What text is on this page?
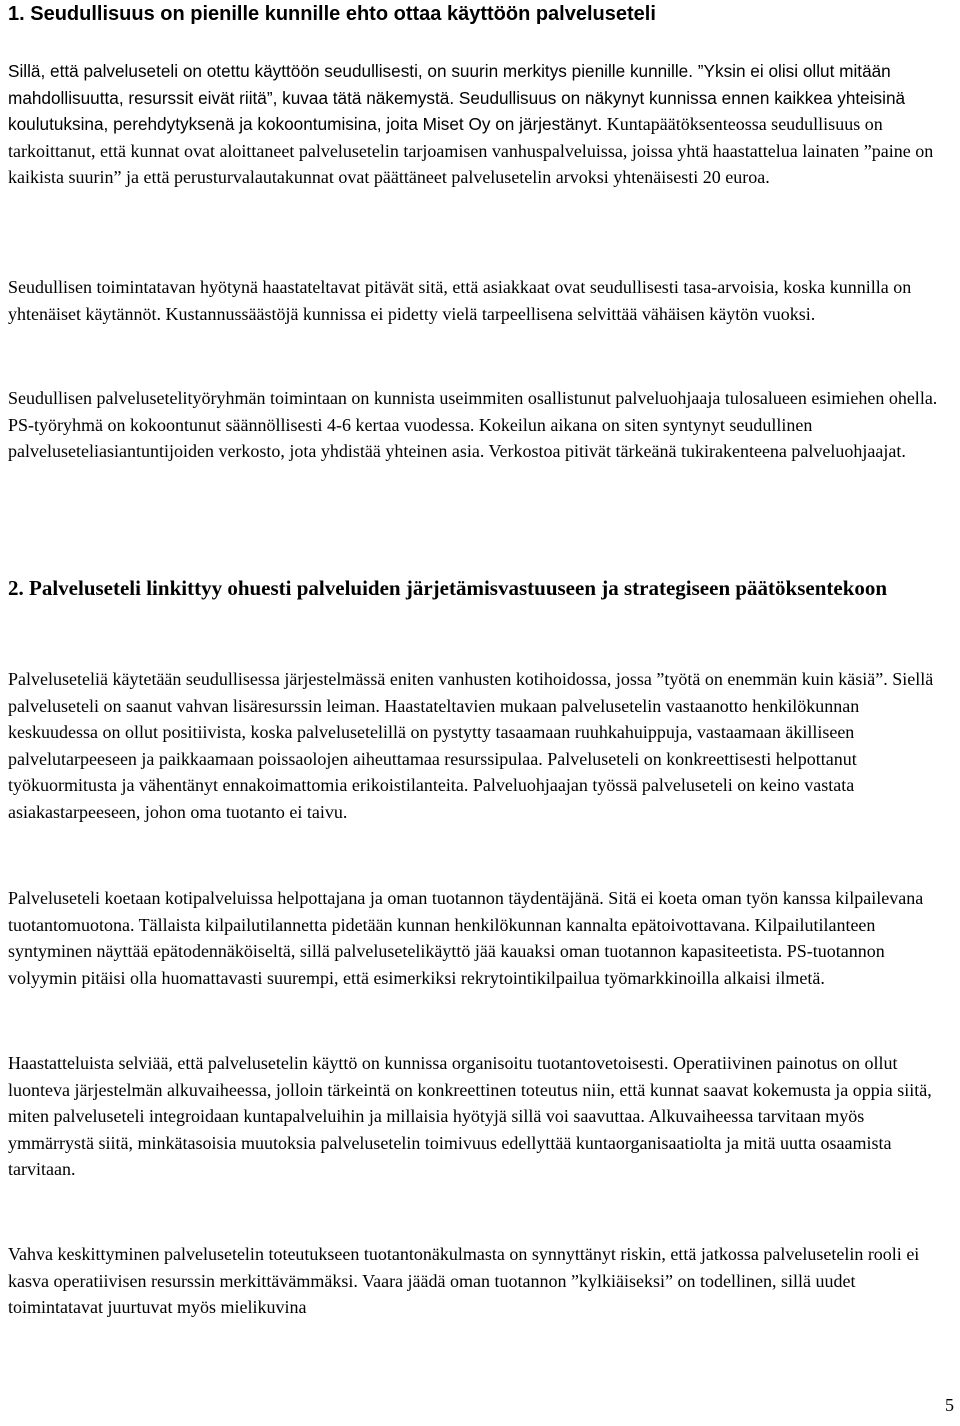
1. Seudullisuus on pienille kunnille ehto ottaa käyttöön palveluseteli

Sillä, että palveluseteli on otettu käyttöön seudullisesti, on suurin merkitys pienille kunnille. ”Yksin ei olisi ollut mitään mahdollisuutta, resurssit eivät riitä”, kuvaa tätä näkemystä. Seudullisuus on näkynyt kunnissa ennen kaikkea yhteisinä koulutuksina, perehdytyksenä ja kokoontumisina, joita Miset Oy on järjestänyt. Kuntapäätöksenteossa seudullisuus on tarkoittanut, että kunnat ovat aloittaneet palvelusetelin tarjoamisen vanhuspalveluissa, joissa yhtä haastattelua lainaten ”paine on kaikista suurin” ja että perusturvalautakunnat ovat päättäneet palvelusetelin arvoksi yhtenäisesti 20 euroa.

Seudullisen toimintatavan hyötynä haastateltavat pitävät sitä, että asiakkaat ovat seudullisesti tasa-arvoisia, koska kunnilla on yhtenäiset käytännöt. Kustannussäästöjä kunnissa ei pidetty vielä tarpeellisena selvittää vähäisen käytön vuoksi.

Seudullisen palvelusetelityöryhmän toimintaan on kunnista useimmiten osallistunut palveluohjaaja tulosalueen esimiehen ohella. PS-työryhmä on kokoontunut säännöllisesti 4-6 kertaa vuodessa. Kokeilun aikana on siten syntynyt seudullinen palveluseteliasiantuntijoiden verkosto, jota yhdistää yhteinen asia. Verkostoa pitivät tärkeänä tukirakenteena palveluohjaajat.

2. Palveluseteli linkittyy ohuesti palveluiden järjetämisvastuuseen ja strategiseen päätöksentekoon

Palveluseteliä käytetään seudullisessa järjestelmässä eniten vanhusten kotihoidossa, jossa ”työtä on enemmän kuin käsiä”. Siellä palveluseteli on saanut vahvan lisäresurssin leiman. Haastateltavien mukaan palvelusetelin vastaanotto henkilökunnan keskuudessa on ollut positiivista, koska palvelusetelillä on pystytty tasaamaan ruuhkahuippuja, vastaamaan äkilliseen palvelutarpeeseen ja paikkaamaan poissaolojen aiheuttamaa resurssipulaa. Palveluseteli on konkreettisesti helpottanut työkuormitusta ja vähentänyt ennakoimattomia erikoistilanteita. Palveluohjaajan työssä palveluseteli on keino vastata asiakastarpeeseen, johon oma tuotanto ei taivu.

Palveluseteli koetaan kotipalveluissa helpottajana ja oman tuotannon täydentäjänä. Sitä ei koeta oman työn kanssa kilpailevana tuotantomuotona. Tällaista kilpailutilannetta pidetään kunnan henkilökunnan kannalta epätoivottavana. Kilpailutilanteen syntyminen näyttää epätodennäköiseltä, sillä palvelusetelikäyttö jää kauaksi oman tuotannon kapasiteetista. PS-tuotannon volyymin pitäisi olla huomattavasti suurempi, että esimerkiksi rekrytointikilpailua työmarkkinoilla alkaisi ilmetä.

Haastatteluista selviää, että palvelusetelin käyttö on kunnissa organisoitu tuotantovetoisesti. Operatiivinen painotus on ollut luonteva järjestelmän alkuvaiheessa, jolloin tärkeintä on konkreettinen toteutus niin, että kunnat saavat kokemusta ja oppia siitä, miten palveluseteli integroidaan kuntapalveluihin ja millaisia hyötyjä sillä voi saavuttaa. Alkuvaiheessa tarvitaan myös ymmärrystä siitä, minkätasoisia muutoksia palvelusetelin toimivuus edellyttää kuntaorganisaatiolta ja mitä uutta osaamista tarvitaan.

Vahva keskittyminen palvelusetelin toteutukseen tuotantonäkulmasta on synnyttänyt riskin, että jatkossa palvelusetelin rooli ei kasva operatiivisen resurssin merkittävämmäksi. Vaara jäädä oman tuotannon ”kylkiäiseksi” on todellinen, sillä uudet toimintatavat juurtuvat myös mielikuvina

5
